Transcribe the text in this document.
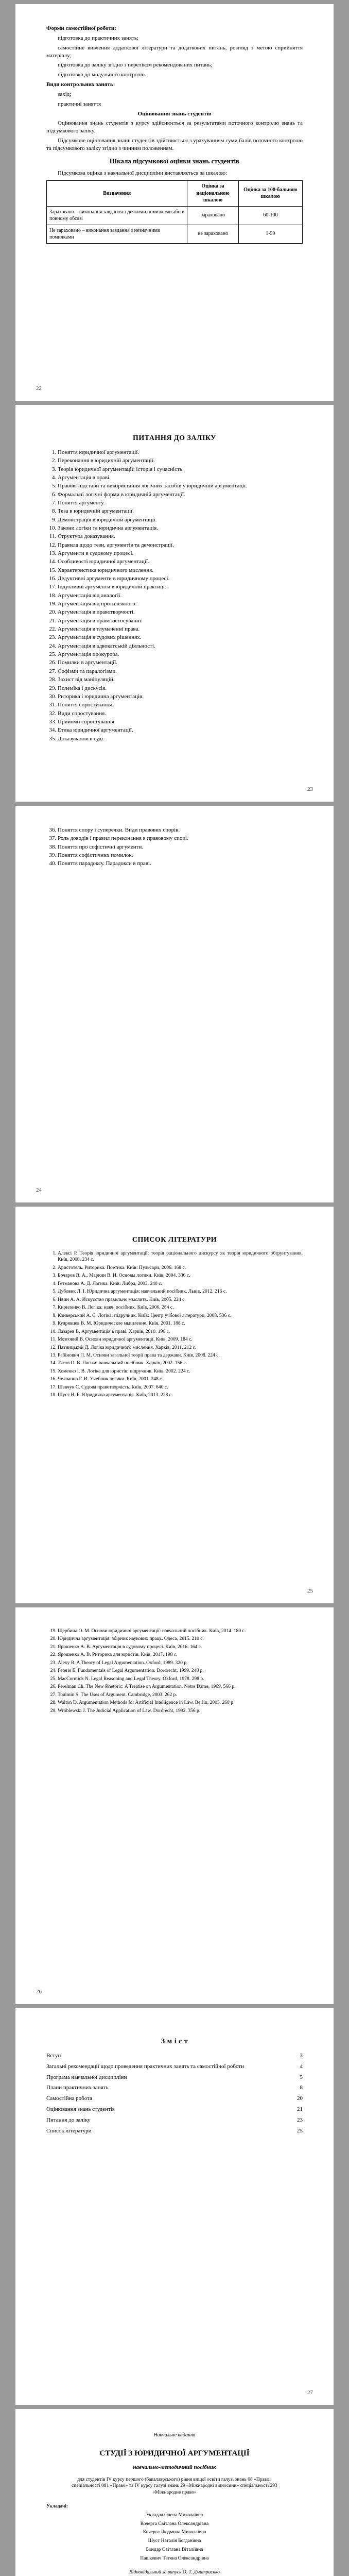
Форми самостійної роботи:

підготовка до практичних занять;

самостійне вивчення додаткової літератури та додаткових питань, розгляд з метою сприйняття матеріалу;

підготовка до заліку згідно з переліком рекомендованих питань;

підготовка до модульного контролю.

Види контрольних занять:

захід;

практичні заняття

Оцінювання знань студентів

Оцінювання знань студентів з курсу здійснюється за результатами поточного контролю знань та підсумкового заліку.

Підсумкове оцінювання знань студентів здійснюється з урахуванням суми балів поточного контролю та підсумкового заліку згідно з чинним положенням.

Шкала підсумкової оцінки знань студентів

Підсумкова оцінка з навчальної дисципліни виставляється за шкалою:

Визначення	Оцінка за національною шкалою	Оцінка за 100-бальною шкалою
Зараховано – виконання завдання з деякими помилками або в повному обсязі	зараховано	60-100
Не зараховано – виконання завдання з незначними помилками	не зараховано	1-59
22
ПИТАННЯ ДО ЗАЛІКУ
1. Поняття юридичної аргументації.
2. Переконання в юридичній аргументації.
3. Теорія юридичної аргументації: історія і сучасність.
4. Аргументація в праві.
5. Правові підстави та використання логічних засобів у юридичній аргументації.
6. Формальні логічні форми в юридичній аргументації.
7. Поняття аргументу.
8. Теза в юридичній аргументації.
9. Демонстрація в юридичній аргументації.
10. Закони логіки та юридична аргументація.
11. Структура доказування.
12. Правила щодо тези, аргументів та демонстрації.
13. Аргументи в судовому процесі.
14. Особливості юридичної аргументації.
15. Характеристика юридичного мислення.
16. Дедуктивні аргументи в юридичному процесі.
17. Індуктивні аргументи в юридичній практиці.
18. Аргументація від аналогії.
19. Аргументація від протилежного.
20. Аргументація в правотворчості.
21. Аргументація в правозастосуванні.
22. Аргументація в тлумаченні права.
23. Аргументація в судових рішеннях.
24. Аргументація в адвокатській діяльності.
25. Аргументація прокурора.
26. Помилки в аргументації.
27. Софізми та паралогізми.
28. Захист від маніпуляцій.
29. Полеміка і дискусія.
30. Риторика і юридична аргументація.
31. Поняття спростування.
32. Види спростування.
33. Прийоми спростування.
34. Етика юридичної аргументації.
35. Доказування в суді.
23
36. Поняття спору і суперечки. Види правових спорів.
37. Роль доводів і правил переконання в правовому спорі.
38. Поняття про софістичні аргументи.
39. Поняття софістичних помилок.
40. Поняття парадоксу. Парадокси в праві.
24
СПИСОК ЛІТЕРАТУРИ
1. Алексі Р. Теорія юридичної аргументації: теорія раціонального дискурсу як теорія юридичного обґрунтування. Київ, 2008. 234 с.
2. Аристотель. Риторика. Поетика. Київ: Пульсари, 2006. 168 с.
3. Бочаров В. А., Маркин В. И. Основы логики. Київ, 2004. 336 с.
4. Гетманова А. Д. Логика. Київ: Либра, 2003. 240 с.
5. Дубовик Л. І. Юридична аргументація: навчальний посібник. Львів, 2012. 216 с.
6. Ивин А. А. Искусство правильно мыслить. Київ, 2005. 224 с.
7. Кириленко В. Логіка: навч. посібник. Київ, 2006. 284 с.
8. Конверський А. Є. Логіка: підручник. Київ: Центр учбової літератури, 2008. 536 с.
9. Кудрявцев В. М. Юридическое мышление. Київ, 2001. 188 с.
10. Лазарев В. Аргументація в праві. Харків, 2010. 196 с.
11. Мозговий В. Основи юридичної аргументації. Київ, 2009. 184 с.
12. Пятницький Д. Логіка юридичного мислення. Харків, 2011. 212 с.
13. Рабінович П. М. Основи загальної теорії права та держави. Київ, 2008. 224 с.
14. Тягло О. В. Логіка: навчальний посібник. Харків, 2002. 156 с.
15. Хоменко І. В. Логіка для юристів: підручник. Київ, 2002. 224 с.
16. Челпанов Г. И. Учебник логики. Київ, 2001. 248 с.
17. Шевчук С. Судова правотворчість. Київ, 2007. 640 с.
18. Шуст Н. Б. Юридична аргументація. Київ, 2013. 228 с.
25
19. Щербина О. М. Основи юридичної аргументації: навчальний посібник. Київ, 2014. 180 с.
20. Юридична аргументація: збірник наукових праць. Одеса, 2015. 210 с.
21. Ярошенко А. В. Аргументація в судовому процесі. Київ, 2016. 164 с.
22. Ярошенко А. В. Риторика для юристів. Київ, 2017. 198 с.
23. Alexy R. A Theory of Legal Argumentation. Oxford, 1989. 320 p.
24. Feteris E. Fundamentals of Legal Argumentation. Dordrecht, 1999. 248 p.
25. MacCormick N. Legal Reasoning and Legal Theory. Oxford, 1978. 298 p.
26. Perelman Ch. The New Rhetoric: A Treatise on Argumentation. Notre Dame, 1969. 566 p.
27. Toulmin S. The Uses of Argument. Cambridge, 2003. 262 p.
28. Walton D. Argumentation Methods for Artificial Intelligence in Law. Berlin, 2005. 268 p.
29. Wróblewski J. The Judicial Application of Law. Dordrecht, 1992. 356 p.
26
З м і с т
Вступ	3
Загальні рекомендації щодо проведення практичних занять та самостійної роботи	4
Програма навчальної дисципліни	5
Плани практичних занять	8
Самостійна робота	20
Оцінювання знань студентів	21
Питання до заліку	23
Список літератури	25
27
Навчальне видання
СТУДІЇ З ЮРИДИЧНОЇ АРГУМЕНТАЦІЇ

навчально-методичний посібник

для студентів ІV курсу першого (бакалаврського) рівня вищої освіти галузі знань 08 «Право» спеціальності 081 «Право» та ІV курсу галузі знань 29 «Міжнародні відносини» спеціальності 293 «Міжнародне право»

Укладачі:

Укладач Олена Миколаївна

Кочерга Світлана Олександрівна

Кочерга Людмила Миколаївна

Шуст Наталія Богданівна

Бондар Світлана Віталіївна

Пашкевич Тетяна Олександрівна

Відповідальний за випуск О. Т. Дмитриєнко
